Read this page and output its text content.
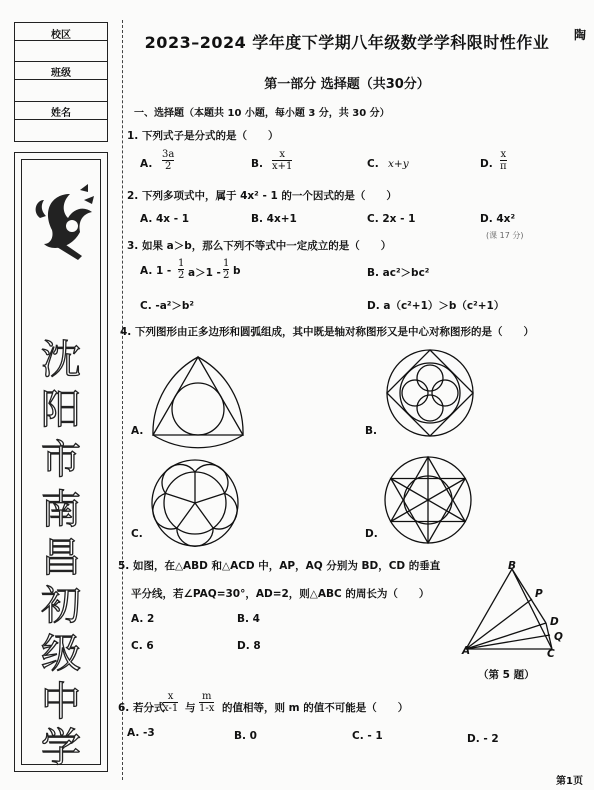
校区
班级
姓名
沈
阳
市
南
昌
初
级
中
学
2023–2024 学年度下学期八年级数学学科限时性作业	陶
第一部分 选择题（共30分）
一、选择题（本题共 10 小题，每小题 3 分，共 30 分）
1. 下列式子是分式的是（　　）
A.
3a
2	B.
x
x+1	C. x+y	D.
x
π
2. 下列多项式中，属于 4x² - 1 的一个因式的是（　　）
A. 4x - 1	B. 4x+1	C. 2x - 1	D. 4x²
(课 17 分)
3. 如果 a＞b，那么下列不等式中一定成立的是（　　）
A. 1 -
1
2 a＞1 -
1
2 b	B. ac²＞bc²
C. -a²＞b²	D. a（c²+1）＞b（c²+1）
4. 下列图形由正多边形和圆弧组成，其中既是轴对称图形又是中心对称图形的是（　　）
A.	B.
C.	D.
5. 如图，在△ABD 和△ACD 中，AP，AQ 分别为 BD，CD 的垂直
平分线，若∠PAQ=30°，AD=2，则△ABC 的周长为（　　）
A. 2	B. 4
C. 6	D. 8	A
B
C
D
P
Q
（第 5 题）
6. 若分式
x
x-1 与
m
1-x 的值相等，则 m 的值不可能是（　　）
A. -3	B. 0	C. - 1	D. - 2
第1页
